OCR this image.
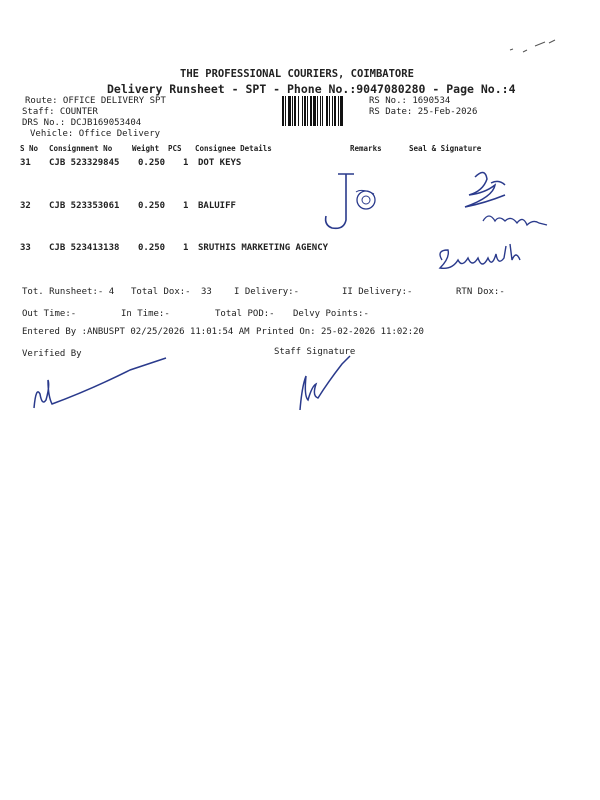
THE PROFESSIONAL COURIERS, COIMBATORE
Delivery Runsheet - SPT - Phone No.:9047080280 - Page No.:4
Route: OFFICE DELIVERY SPT
Staff: COUNTER
DRS No.: DCJB169053404
Vehicle: Office Delivery
RS No.: 1690534
RS Date: 25-Feb-2026
S No Consignment No	Weight PCS Consignee Details	Remarks	Seal & Signature
31 CJB 523329845 0.250 1 DOT KEYS
32 CJB 523353061 0.250 1 BALUIFF
33 CJB 523413138 0.250 1 SRUTHIS MARKETING AGENCY
Tot. Runsheet:- 4 Total Dox:- 33 I Delivery:-	II Delivery:-	RTN Dox:-
Out Time:-	In Time:-	Total POD:- Delvy Points:-
Entered By :ANBUSPT 02/25/2026 11:01:54 AM Printed On: 25-02-2026 11:02:20
Verified By	Staff Signature
